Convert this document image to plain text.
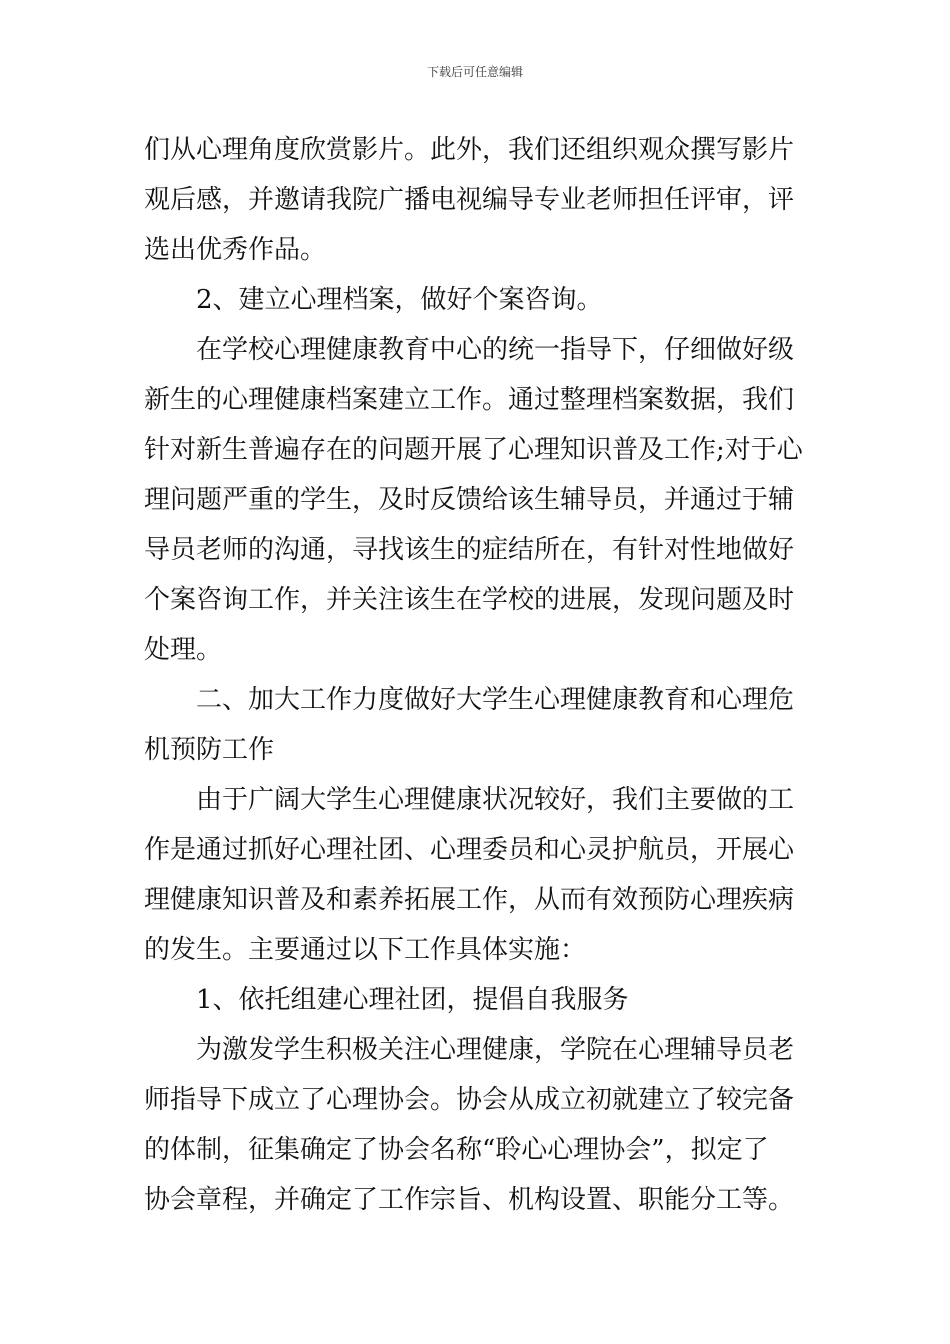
下载后可任意编辑
们从心理角度欣赏影片。此外，我们还组织观众撰写影片
观后感，并邀请我院广播电视编导专业老师担任评审，评
选出优秀作品。
2、建立心理档案，做好个案咨询。
在学校心理健康教育中心的统一指导下，仔细做好级
新生的心理健康档案建立工作。通过整理档案数据，我们
针对新生普遍存在的问题开展了心理知识普及工作;对于心
理问题严重的学生，及时反馈给该生辅导员，并通过于辅
导员老师的沟通，寻找该生的症结所在，有针对性地做好
个案咨询工作，并关注该生在学校的进展，发现问题及时
处理。
二、加大工作力度做好大学生心理健康教育和心理危
机预防工作
由于广阔大学生心理健康状况较好，我们主要做的工
作是通过抓好心理社团、心理委员和心灵护航员，开展心
理健康知识普及和素养拓展工作，从而有效预防心理疾病
的发生。主要通过以下工作具体实施：
1、依托组建心理社团，提倡自我服务
为激发学生积极关注心理健康，学院在心理辅导员老
师指导下成立了心理协会。协会从成立初就建立了较完备
的体制，征集确定了协会名称“聆心心理协会”，拟定了
协会章程，并确定了工作宗旨、机构设置、职能分工等。
